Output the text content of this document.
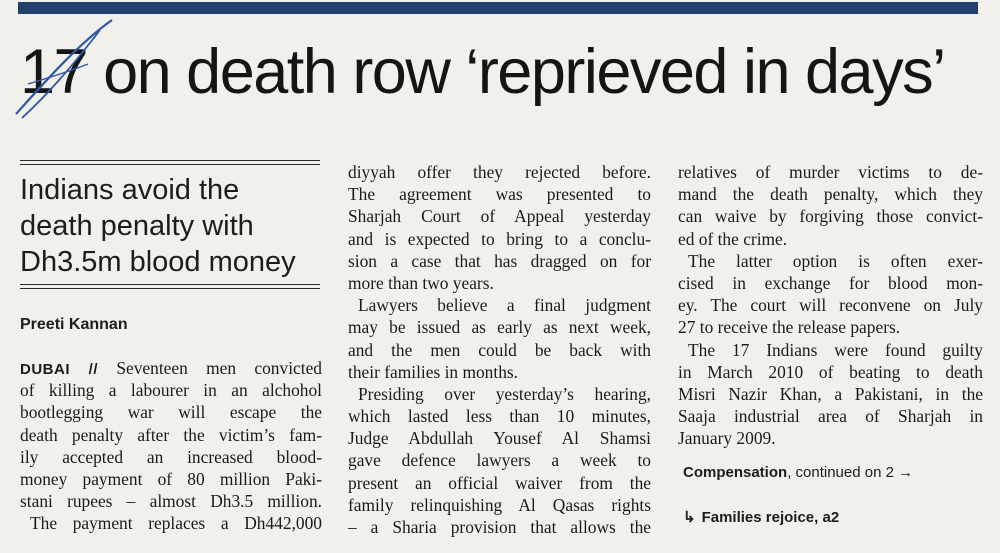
17 on death row ‘reprieved in days’
Indians avoid the
death penalty with
Dh3.5m blood money
Preeti Kannan
DUBAI // Seventeen men convicted
of killing a labourer in an alchohol
bootlegging war will escape the
death penalty after the victim’s fam-
ily accepted an increased blood-
money payment of 80 million Paki-
stani rupees – almost Dh3.5 million.
The payment replaces a Dh442,000
diyyah offer they rejected before.
The agreement was presented to
Sharjah Court of Appeal yesterday
and is expected to bring to a conclu-
sion a case that has dragged on for
more than two years.
Lawyers believe a final judgment
may be issued as early as next week,
and the men could be back with
their families in months.
Presiding over yesterday’s hearing,
which lasted less than 10 minutes,
Judge Abdullah Yousef Al Shamsi
gave defence lawyers a week to
present an official waiver from the
family relinquishing Al Qasas rights
– a Sharia provision that allows the
relatives of murder victims to de-
mand the death penalty, which they
can waive by forgiving those convict-
ed of the crime.
The latter option is often exer-
cised in exchange for blood mon-
ey. The court will reconvene on July
27 to receive the release papers.
The 17 Indians were found guilty
in March 2010 of beating to death
Misri Nazir Khan, a Pakistani, in the
Saaja industrial area of Sharjah in
January 2009.
Compensation, continued on 2 →
↳ Families rejoice, a2
